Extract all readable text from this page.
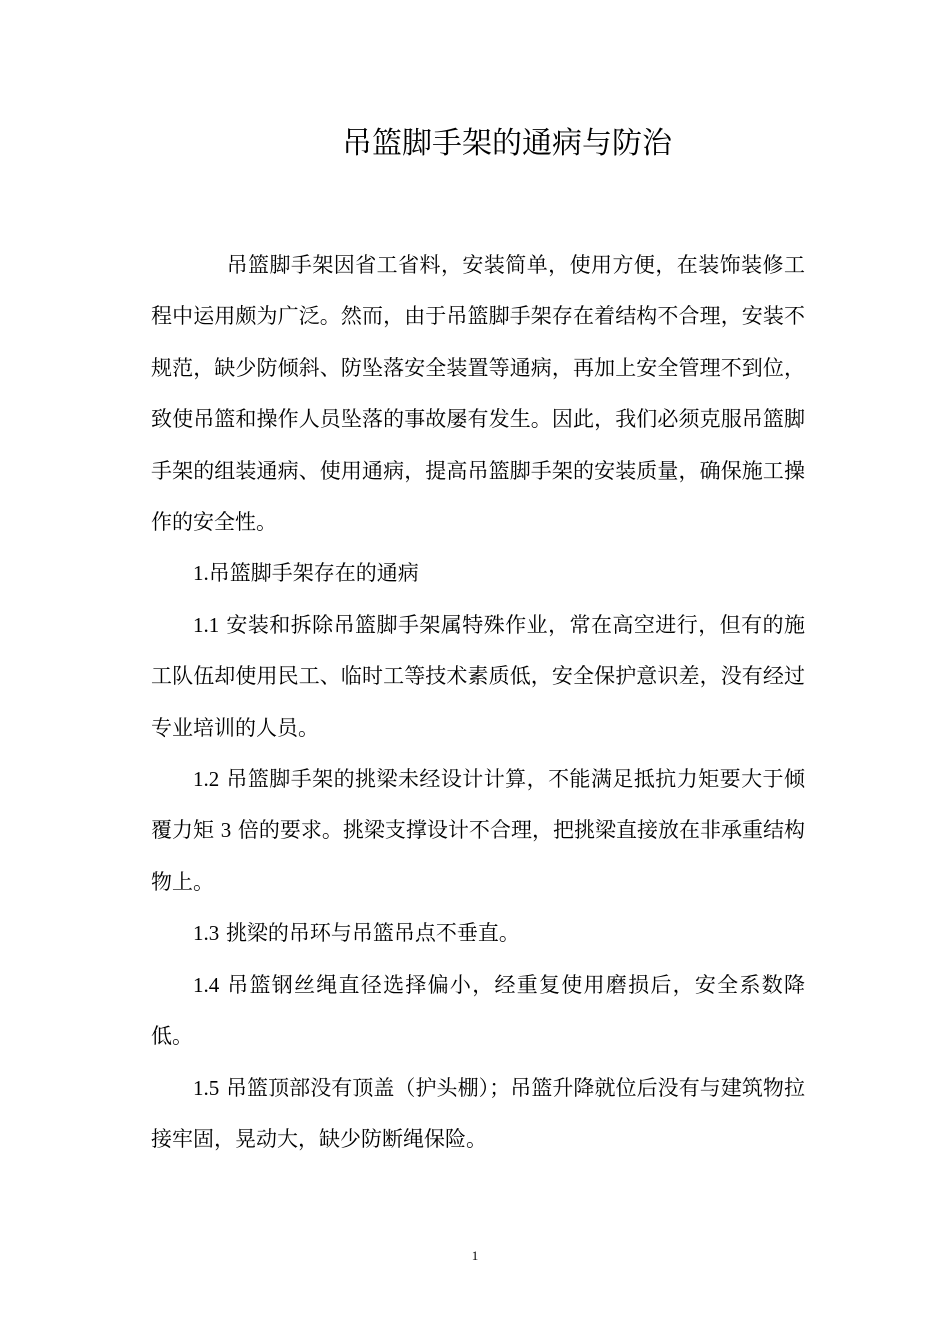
吊篮脚手架的通病与防治

吊篮脚手架因省工省料，安装简单，使用方便，在装饰装修工程中运用颇为广泛。然而，由于吊篮脚手架存在着结构不合理，安装不规范，缺少防倾斜、防坠落安全装置等通病，再加上安全管理不到位，致使吊篮和操作人员坠落的事故屡有发生。因此，我们必须克服吊篮脚手架的组装通病、使用通病，提高吊篮脚手架的安装质量，确保施工操作的安全性。

1.吊篮脚手架存在的通病

1.1 安装和拆除吊篮脚手架属特殊作业，常在高空进行，但有的施工队伍却使用民工、临时工等技术素质低，安全保护意识差，没有经过专业培训的人员。

1.2 吊篮脚手架的挑梁未经设计计算，不能满足抵抗力矩要大于倾覆力矩 3 倍的要求。挑梁支撑设计不合理，把挑梁直接放在非承重结构物上。

1.3 挑梁的吊环与吊篮吊点不垂直。

1.4 吊篮钢丝绳直径选择偏小，经重复使用磨损后，安全系数降低。

1.5 吊篮顶部没有顶盖（护头棚）；吊篮升降就位后没有与建筑物拉接牢固，晃动大，缺少防断绳保险。

1
